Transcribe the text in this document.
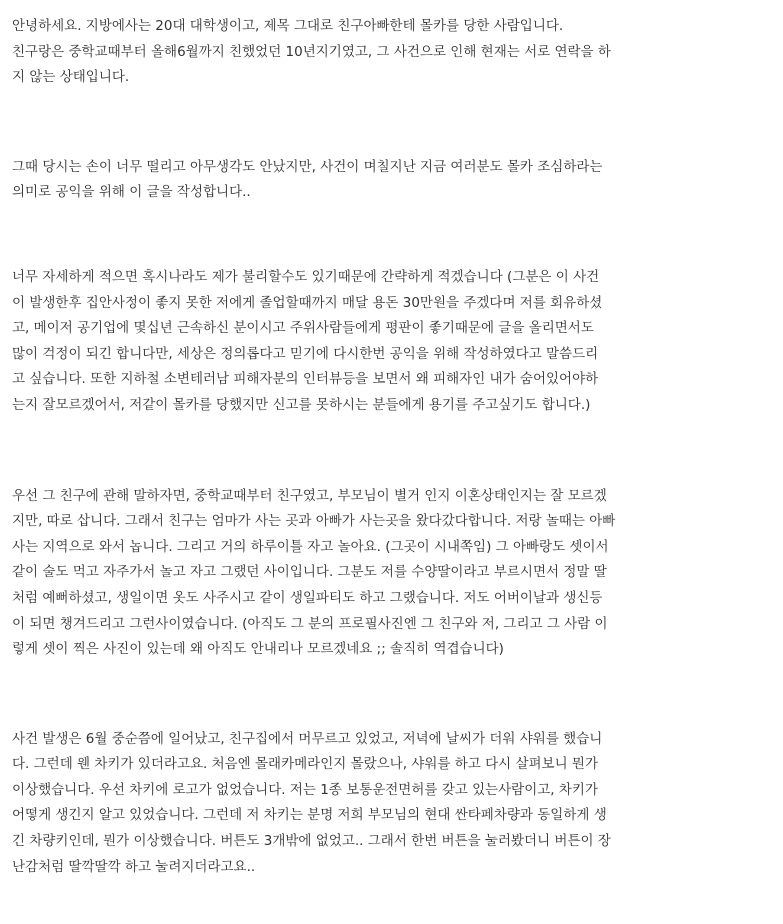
안녕하세요. 지방에사는 20대 대학생이고, 제목 그대로 친구아빠한테 몰카를 당한 사람입니다.
친구랑은 중학교때부터 올해6월까지 친했었던 10년지기였고, 그 사건으로 인해 현재는 서로 연락을 하
지 않는 상태입니다.
그때 당시는 손이 너무 떨리고 아무생각도 안났지만, 사건이 며칠지난 지금 여러분도 몰카 조심하라는
의미로 공익을 위해 이 글을 작성합니다..
너무 자세하게 적으면 혹시나라도 제가 불리할수도 있기때문에 간략하게 적겠습니다 (그분은 이 사건
이 발생한후 집안사정이 좋지 못한 저에게 졸업할때까지 매달 용돈 30만원을 주겠다며 저를 회유하셨
고, 메이저 공기업에 몇십년 근속하신 분이시고 주위사람들에게 평판이 좋기때문에 글을 올리면서도
많이 걱정이 되긴 합니다만, 세상은 정의롭다고 믿기에 다시한번 공익을 위해 작성하였다고 말씀드리
고 싶습니다. 또한 지하철 소변테러남 피해자분의 인터뷰등을 보면서 왜 피해자인 내가 숨어있어야하
는지 잘모르겠어서, 저같이 몰카를 당했지만 신고를 못하시는 분들에게 용기를 주고싶기도 합니다.)
우선 그 친구에 관해 말하자면, 중학교때부터 친구였고, 부모님이 별거 인지 이혼상태인지는 잘 모르겠
지만, 따로 삽니다. 그래서 친구는 엄마가 사는 곳과 아빠가 사는곳을 왔다갔다합니다. 저랑 놀때는 아빠
사는 지역으로 와서 놉니다. 그리고 거의 하루이틀 자고 놀아요. (그곳이 시내쪽임) 그 아빠랑도 셋이서
같이 술도 먹고 자주가서 놀고 자고 그랬던 사이입니다. 그분도 저를 수양딸이라고 부르시면서 정말 딸
처럼 예뻐하셨고, 생일이면 옷도 사주시고 같이 생일파티도 하고 그랬습니다. 저도 어버이날과 생신등
이 되면 챙겨드리고 그런사이였습니다. (아직도 그 분의 프로필사진엔 그 친구와 저, 그리고 그 사람 이
렇게 셋이 찍은 사진이 있는데 왜 아직도 안내리나 모르겠네요 ;; 솔직히 역겹습니다)
사건 발생은 6월 중순쯤에 일어났고, 친구집에서 머무르고 있었고, 저녁에 날씨가 더워 샤워를 했습니
다. 그런데 웬 차키가 있더라고요. 처음엔 몰래카메라인지 몰랐으나, 샤워를 하고 다시 살펴보니 뭔가
이상했습니다. 우선 차키에 로고가 없었습니다. 저는 1종 보통운전면허를 갖고 있는사람이고, 차키가
어떻게 생긴지 알고 있었습니다. 그런데 저 차키는 분명 저희 부모님의 현대 싼타페차량과 동일하게 생
긴 차량키인데, 뭔가 이상했습니다. 버튼도 3개밖에 없었고.. 그래서 한번 버튼을 눌러봤더니 버튼이 장
난감처럼 딸깍딸깍 하고 눌려지더라고요..
